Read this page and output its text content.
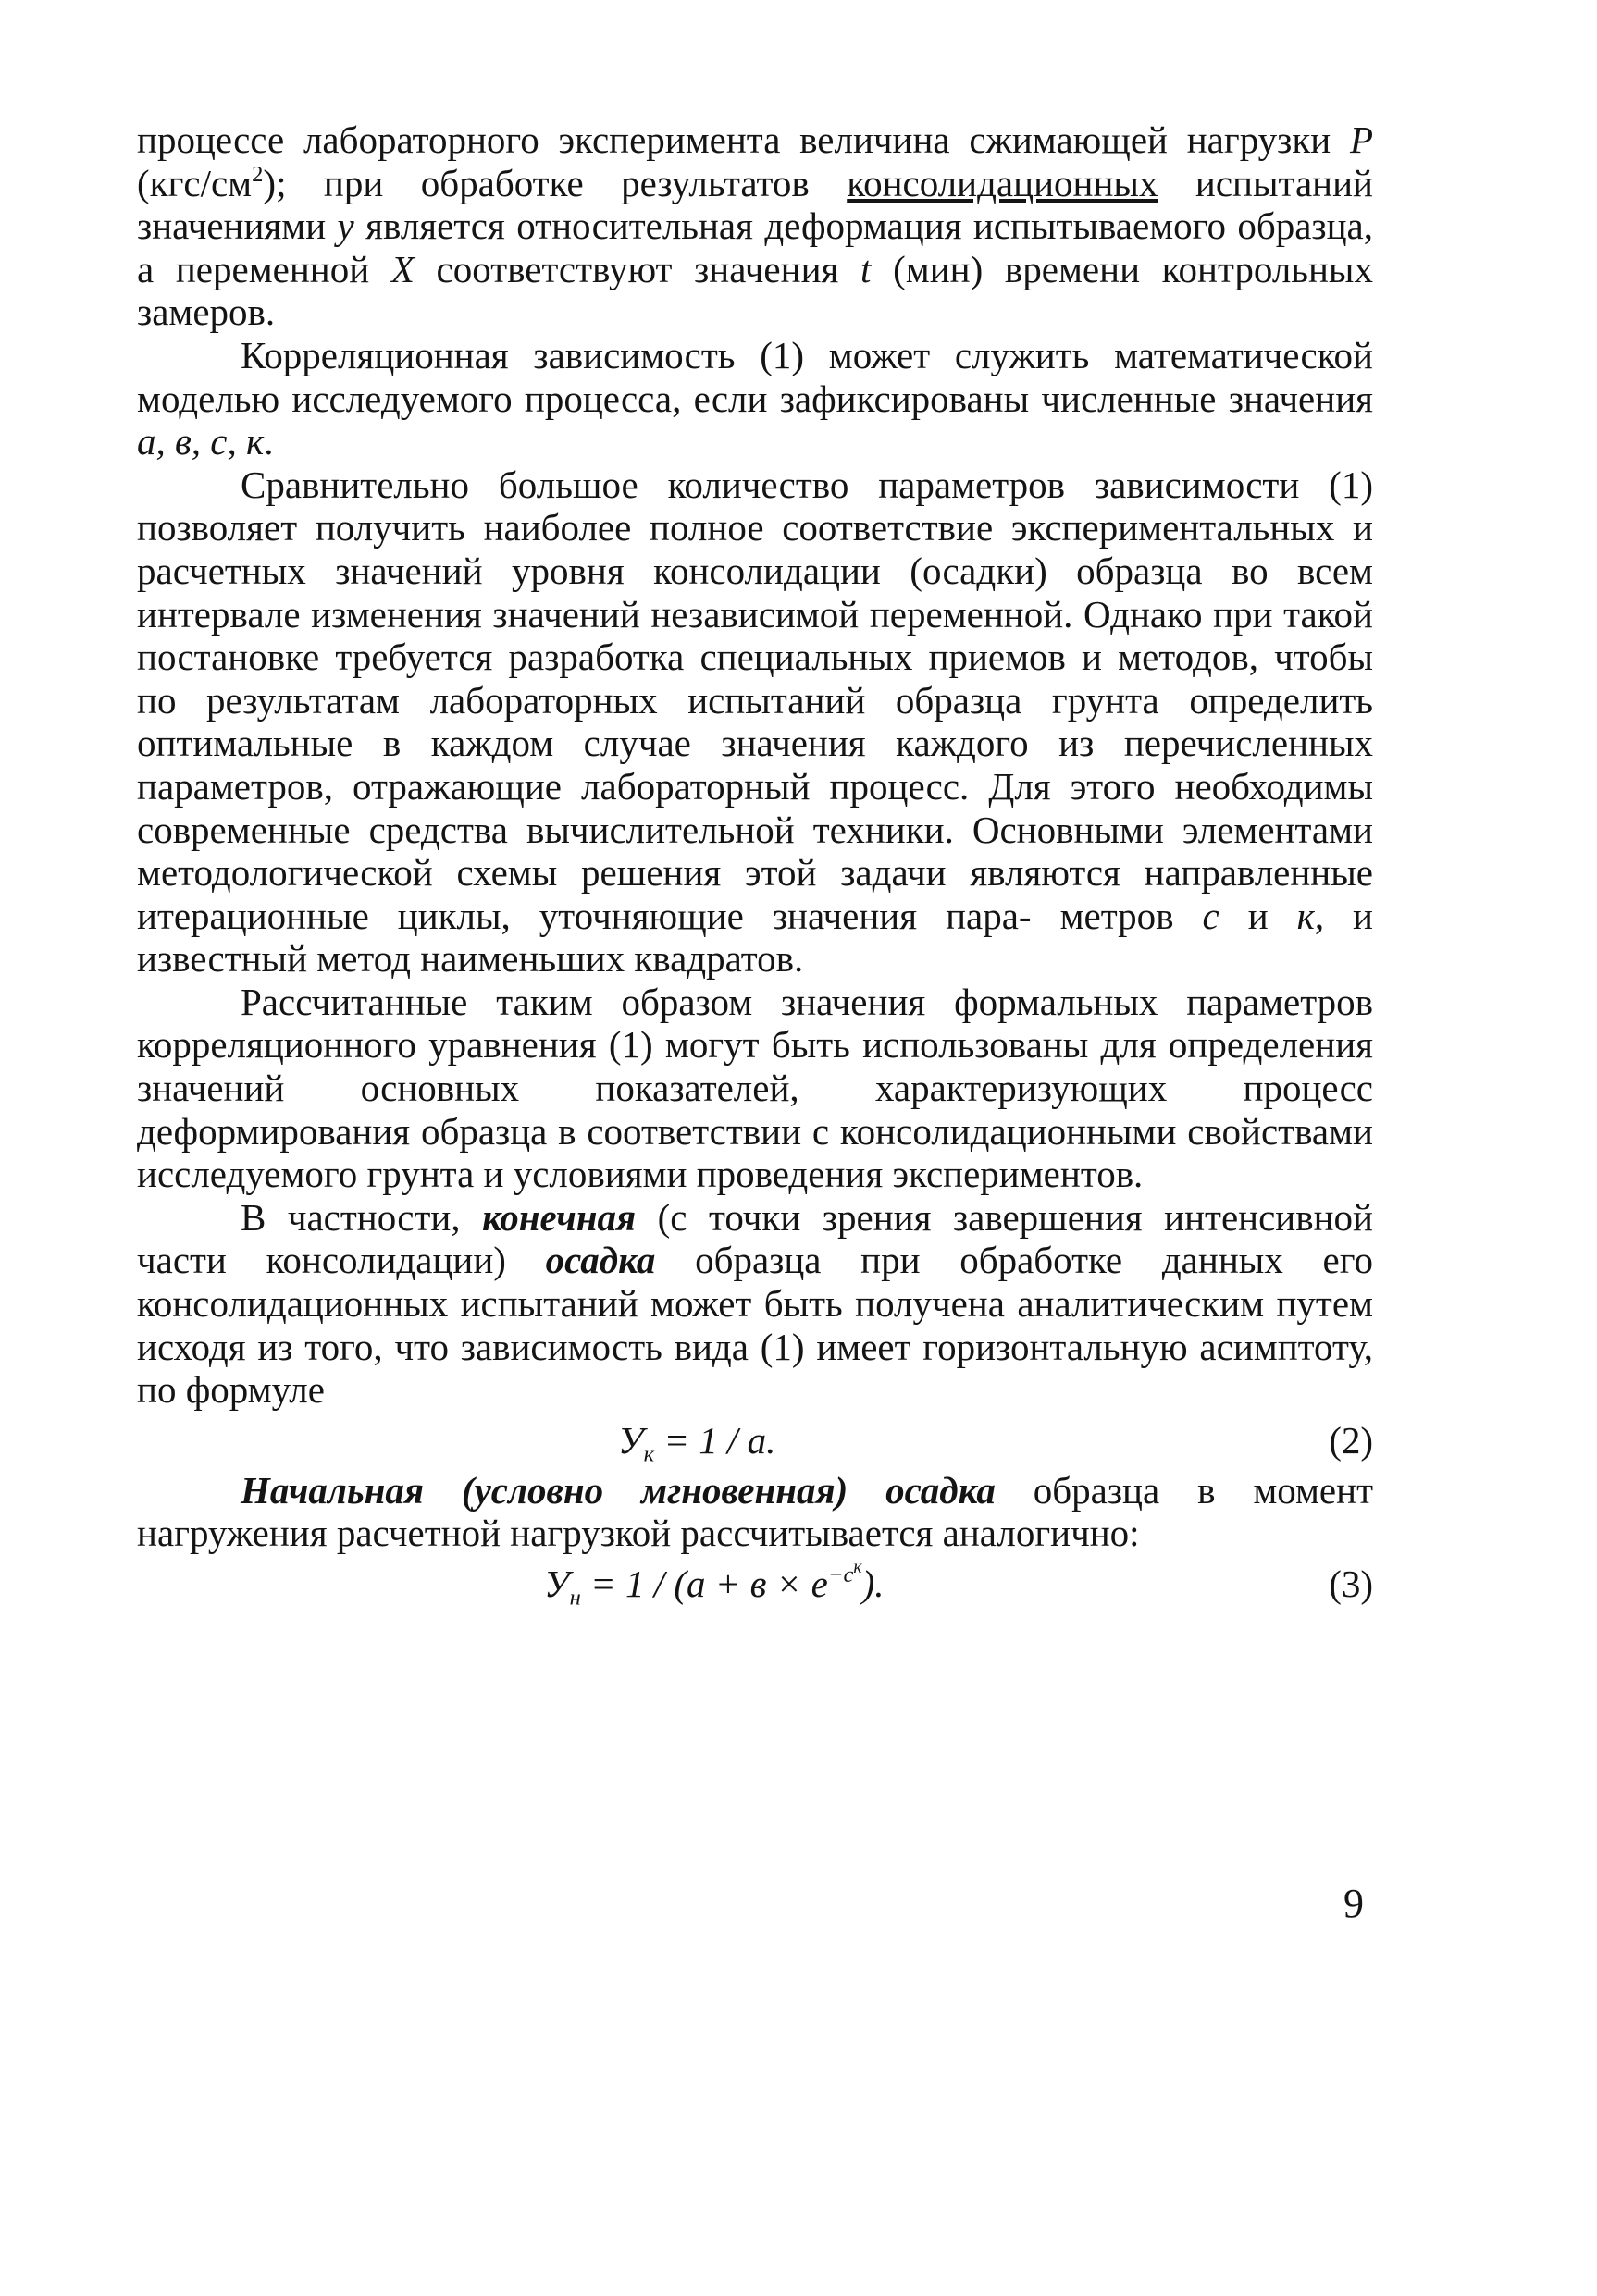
процессе лабораторного эксперимента величина сжимающей нагрузки P $(кгс/см^2)$; при обработке результатов консолидационных испытаний значениями y является относительная деформация испытываемого образца, а переменной X соответствуют значения t (мин) времени контрольных замеров.

Корреляционная зависимость (1) может служить математической моделью исследуемого процесса, если зафиксированы численные значения а, в, с, к.

Сравнительно большое количество параметров зависимости (1) позволяет получить наиболее полное соответствие экспериментальных и расчетных значений уровня консолидации (осадки) образца во всем интервале изменения значений независимой переменной. Однако при такой постановке требуется разработка специальных приемов и методов, чтобы по результатам лабораторных испытаний образца грунта определить оптимальные в каждом случае значения каждого из перечисленных параметров, отражающие лабораторный процесс. Для этого необходимы современные средства вычислительной техники. Основными элементами методологической схемы решения этой задачи являются направленные итерационные циклы, уточняющие значения пара- метров с и к, и известный метод наименьших квадратов.

Рассчитанные таким образом значения формальных параметров корреляционного уравнения (1) могут быть использованы для определения значений основных показателей, характеризующих процесс деформирования образца в соответствии с консолидационными свойствами исследуемого грунта и условиями проведения экспериментов.

В частности, конечная (с точки зрения завершения интенсивной части консолидации) осадка образца при обработке данных его консолидационных испытаний может быть получена аналитическим путем исходя из того, что зависимость вида (1) имеет горизонтальную асимптоту, по формуле

$У_к = 1 / а$.	(2)

Начальная (условно мгновенная) осадка образца в момент нагружения расчетной нагрузкой рассчитывается аналогично:

$У_н = 1 / (а + в \times е^{-с^к})$.	(3)
9
